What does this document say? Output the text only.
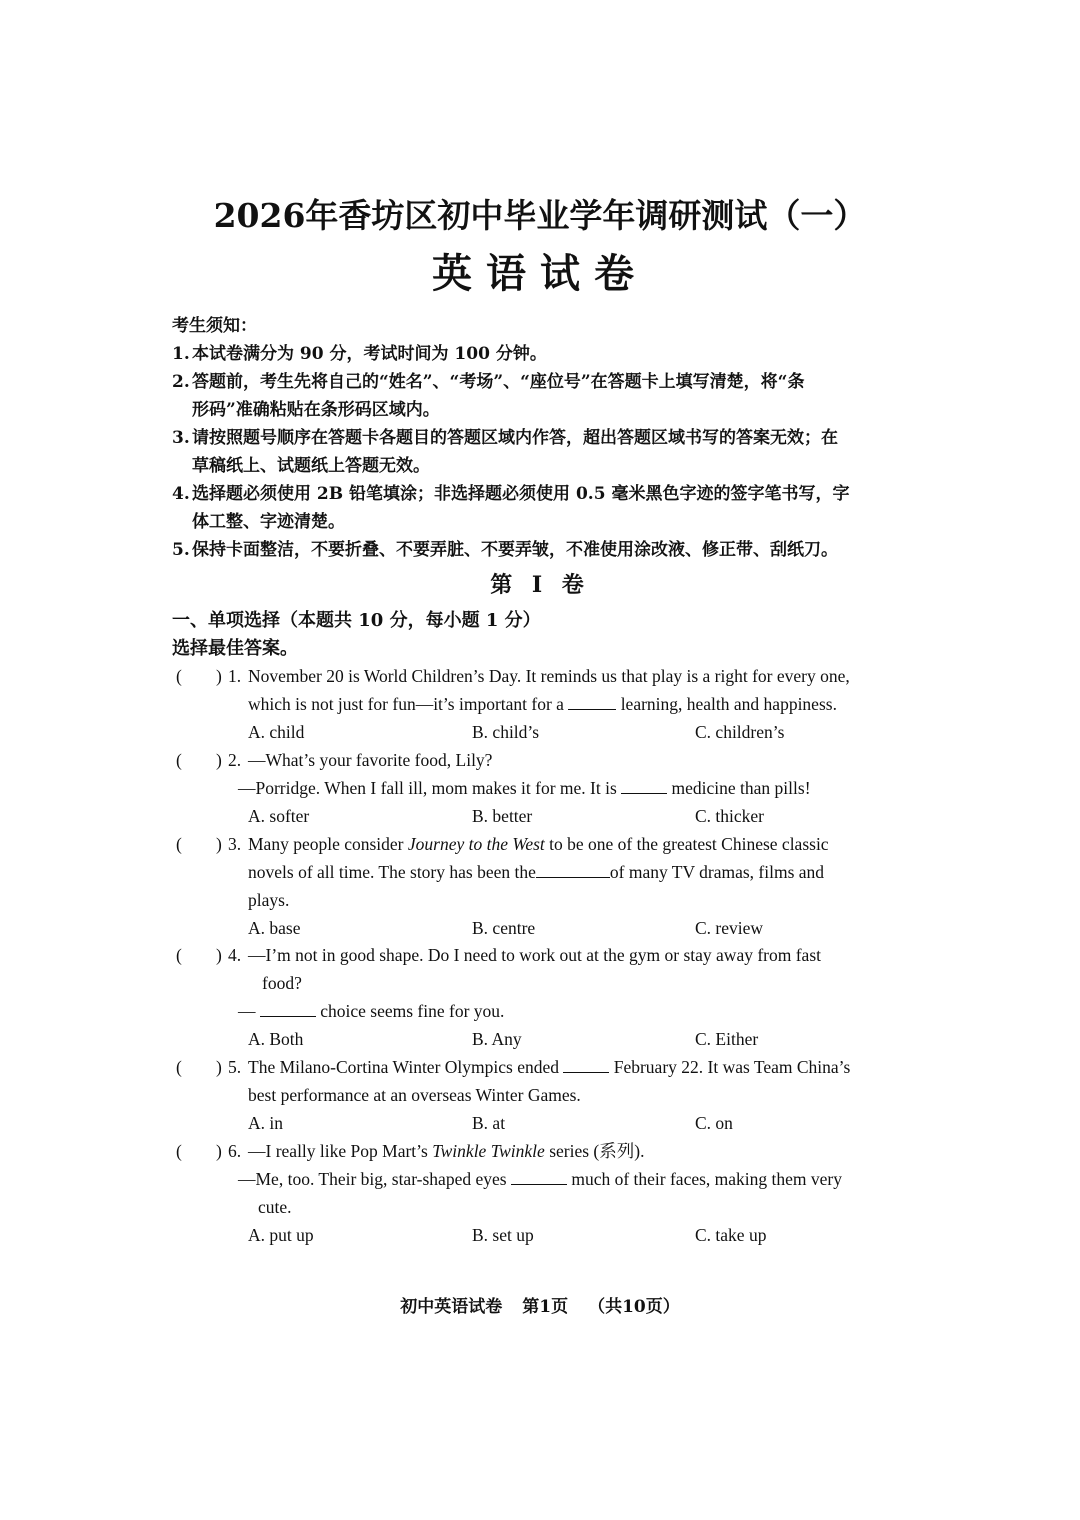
2026年香坊区初中毕业学年调研测试（一）
英语试卷
考生须知：
1. 本试卷满分为 90 分，考试时间为 100 分钟。
2. 答题前，考生先将自己的“姓名”、“考场”、“座位号”在答题卡上填写清楚，将“条
形码”准确粘贴在条形码区域内。
3. 请按照题号顺序在答题卡各题目的答题区域内作答，超出答题区域书写的答案无效；在
草稿纸上、试题纸上答题无效。
4. 选择题必须使用 2B 铅笔填涂；非选择题必须使用 0.5 毫米黑色字迹的签字笔书写，字
体工整、字迹清楚。
5. 保持卡面整洁，不要折叠、不要弄脏、不要弄皱，不准使用涂改液、修正带、刮纸刀。
第 I 卷
一、单项选择（本题共 10 分，每小题 1 分）
选择最佳答案。
( ) 1. November 20 is World Children’s Day. It reminds us that play is a right for every one,
which is not just for fun—it’s important for a	learning, health and happiness.
A. child	B. child’s	C. children’s
( ) 2. —What’s your favorite food, Lily?
—Porridge. When I fall ill, mom makes it for me. It is	medicine than pills!
A. softer	B. better	C. thicker
( ) 3. Many people consider Journey to the West to be one of the greatest Chinese classic
novels of all time. The story has been the	of many TV dramas, films and
plays.
A. base	B. centre	C. review
( ) 4. —I’m not in good shape. Do I need to work out at the gym or stay away from fast
food?
—	choice seems fine for you.
A. Both	B. Any	C. Either
( ) 5. The Milano-Cortina Winter Olympics ended	February 22. It was Team China’s
best performance at an overseas Winter Games.
A. in	B. at	C. on
( ) 6. —I really like Pop Mart’s Twinkle Twinkle series (系列).
—Me, too. Their big, star-shaped eyes	much of their faces, making them very
cute.
A. put up	B. set up	C. take up
初中英语试卷 第1页 （共10页）
